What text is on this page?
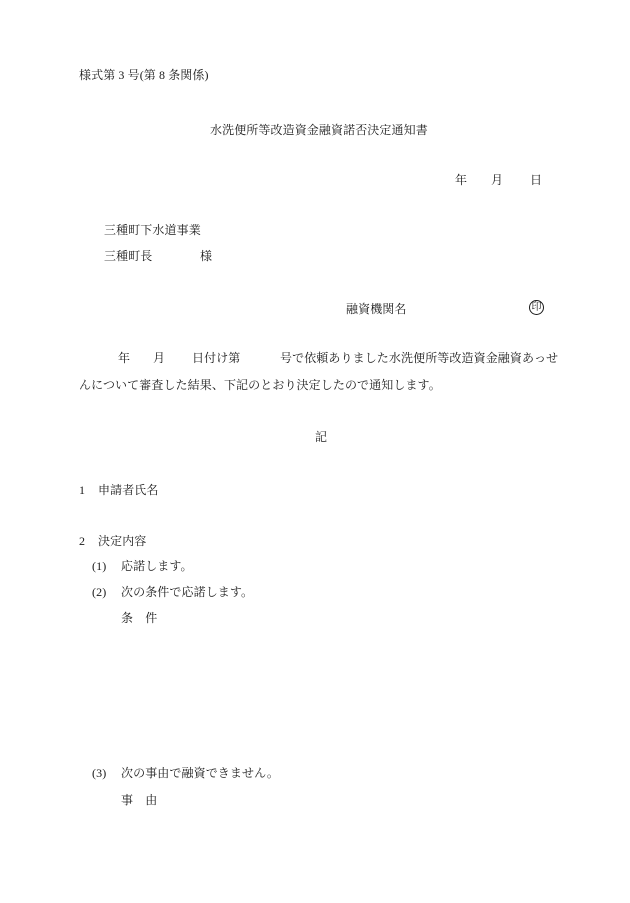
様式第 3 号(第 8 条関係)
水洗便所等改造資金融資諾否決定通知書
年 月 日
三種町下水道事業
三種町長	様
融資機関名	印
年 月 日付け第	号で依頼ありました水洗便所等改造資金融資あっせ
んについて審査した結果、下記のとおり決定したので通知します。
記
1 申請者氏名
2 決定内容
(1) 応諾します。
(2) 次の条件で応諾します。
条　件
(3) 次の事由で融資できません。
事　由
